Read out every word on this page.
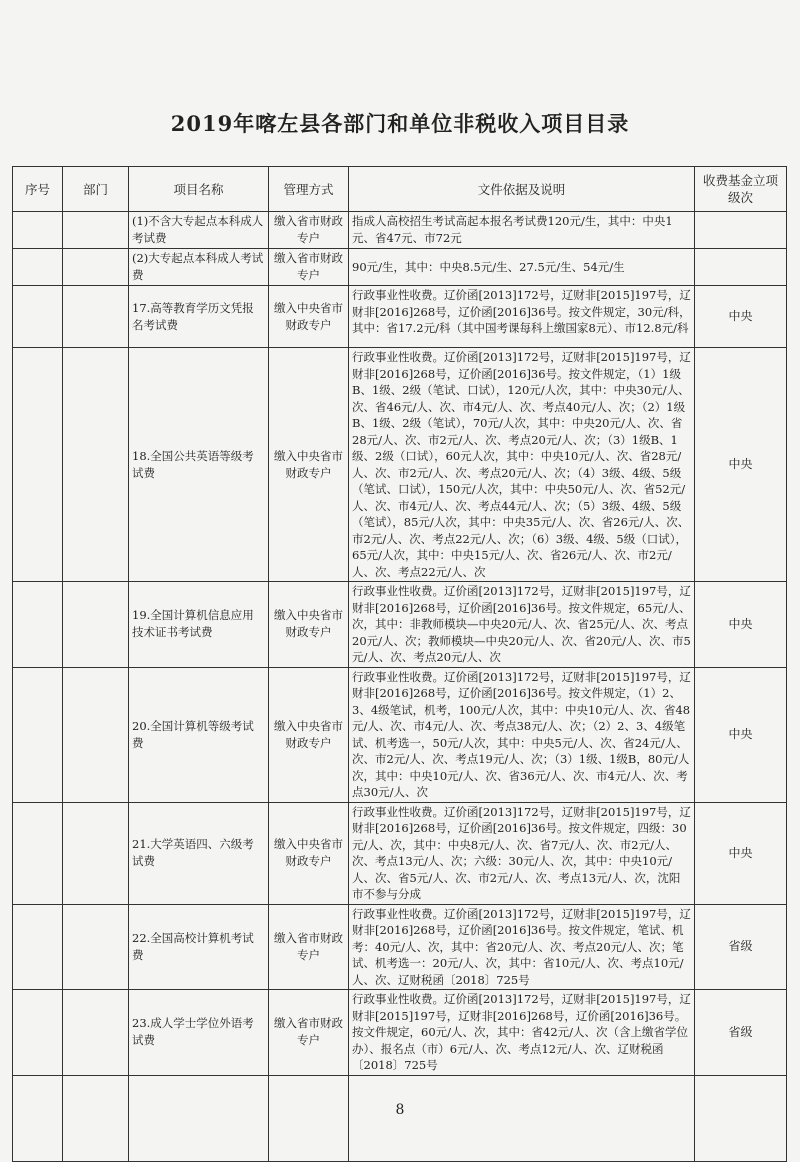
2019年喀左县各部门和单位非税收入项目目录
序号	部门	项目名称	管理方式	文件依据及说明	收费基金立项级次
		(1)不含大专起点本科成人考试费	缴入省市财政专户	指成人高校招生考试高起本报名考试费120元/生，其中：中央1元、省47元、市72元	
		(2)大专起点本科成人考试费	缴入省市财政专户	90元/生，其中：中央8.5元/生、27.5元/生、54元/生	
		17.高等教育学历文凭报名考试费	缴入中央省市财政专户	行政事业性收费。辽价函[2013]172号，辽财非[2015]197号，辽财非[2016]268号，辽价函[2016]36号。按文件规定，30元/科，其中：省17.2元/科（其中国考课每科上缴国家8元）、市12.8元/科	中央
		18.全国公共英语等级考试费	缴入中央省市财政专户	行政事业性收费。辽价函[2013]172号，辽财非[2015]197号，辽财非[2016]268号，辽价函[2016]36号。按文件规定，（1）1级B、1级、2级（笔试、口试），120元/人次，其中：中央30元/人、次、省46元/人、次、市4元/人、次、考点40元/人、次；（2）1级B、1级、2级（笔试），70元/人次，其中：中央20元/人、次、省28元/人、次、市2元/人、次、考点20元/人、次；（3）1级B、1级、2级（口试），60元人次，其中：中央10元/人、次、省28元/人、次、市2元/人、次、考点20元/人、次；（4）3级、4级、5级（笔试、口试），150元/人次，其中：中央50元/人、次、省52元/人、次、市4元/人、次、考点44元/人、次；（5）3级、4级、5级（笔试），85元/人次，其中：中央35元/人、次、省26元/人、次、市2元/人、次、考点22元/人、次；（6）3级、4级、5级（口试），65元/人次，其中：中央15元/人、次、省26元/人、次、市2元/人、次、考点22元/人、次	中央
		19.全国计算机信息应用技术证书考试费	缴入中央省市财政专户	行政事业性收费。辽价函[2013]172号，辽财非[2015]197号，辽财非[2016]268号，辽价函[2016]36号。按文件规定，65元/人、次，其中：非教师模块—中央20元/人、次、省25元/人、次、考点20元/人、次；教师模块—中央20元/人、次、省20元/人、次、市5元/人、次、考点20元/人、次	中央
		20.全国计算机等级考试费	缴入中央省市财政专户	行政事业性收费。辽价函[2013]172号，辽财非[2015]197号，辽财非[2016]268号，辽价函[2016]36号。按文件规定，（1）2、3、4级笔试，机考，100元/人次，其中：中央10元/人、次、省48元/人、次、市4元/人、次、考点38元/人、次；（2）2、3、4级笔试、机考选一，50元/人次，其中：中央5元/人、次、省24元/人、次、市2元/人、次、考点19元/人、次；（3）1级、1级B，80元/人次，其中：中央10元/人、次、省36元/人、次、市4元/人、次、考点30元/人、次	中央
		21.大学英语四、六级考试费	缴入中央省市财政专户	行政事业性收费。辽价函[2013]172号，辽财非[2015]197号，辽财非[2016]268号，辽价函[2016]36号。按文件规定，四级：30元/人、次，其中：中央8元/人、次、省7元/人、次、市2元/人、次、考点13元/人、次；六级：30元/人、次，其中：中央10元/人、次、省5元/人、次、市2元/人、次、考点13元/人、次，沈阳市不参与分成	中央
		22.全国高校计算机考试费	缴入省市财政专户	行政事业性收费。辽价函[2013]172号，辽财非[2015]197号，辽财非[2016]268号，辽价函[2016]36号。按文件规定，笔试、机考：40元/人、次，其中：省20元/人、次、考点20元/人、次；笔试、机考选一：20元/人、次，其中：省10元/人、次、考点10元/人、次、辽财税函〔2018〕725号	省级
		23.成人学士学位外语考试费	缴入省市财政专户	行政事业性收费。辽价函[2013]172号，辽财非[2015]197号，辽财非[2015]197号，辽财非[2016]268号，辽价函[2016]36号。按文件规定，60元/人、次，其中：省42元/人、次（含上缴省学位办）、报名点（市）6元/人、次、考点12元/人、次、辽财税函〔2018〕725号	省级

8
